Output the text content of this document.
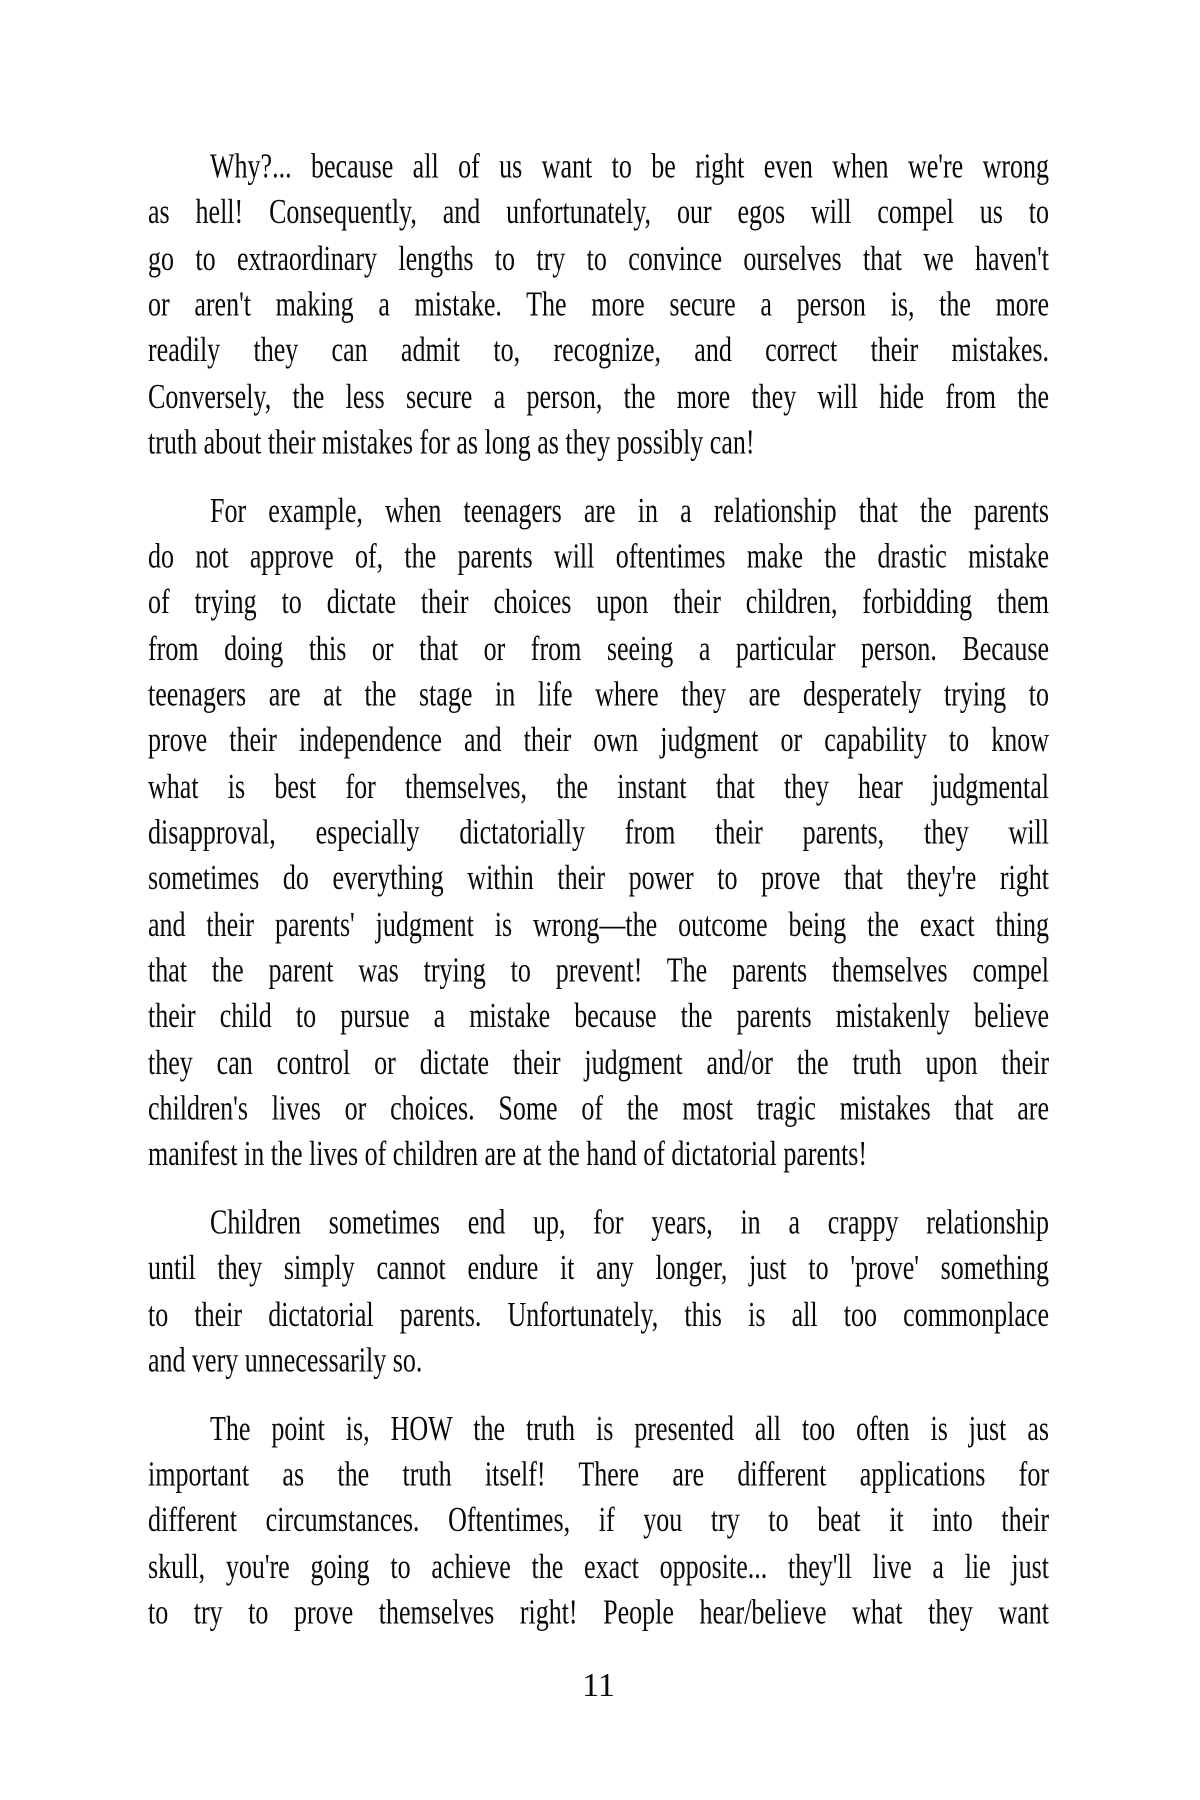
Why?... because all of us want to be right even when we're wrong
as hell! Consequently, and unfortunately, our egos will compel us to
go to extraordinary lengths to try to convince ourselves that we haven't
or aren't making a mistake. The more secure a person is, the more
readily they can admit to, recognize, and correct their mistakes.
Conversely, the less secure a person, the more they will hide from the
truth about their mistakes for as long as they possibly can!
For example, when teenagers are in a relationship that the parents
do not approve of, the parents will oftentimes make the drastic mistake
of trying to dictate their choices upon their children, forbidding them
from doing this or that or from seeing a particular person. Because
teenagers are at the stage in life where they are desperately trying to
prove their independence and their own judgment or capability to know
what is best for themselves, the instant that they hear judgmental
disapproval, especially dictatorially from their parents, they will
sometimes do everything within their power to prove that they're right
and their parents' judgment is wrong—the outcome being the exact thing
that the parent was trying to prevent! The parents themselves compel
their child to pursue a mistake because the parents mistakenly believe
they can control or dictate their judgment and/or the truth upon their
children's lives or choices. Some of the most tragic mistakes that are
manifest in the lives of children are at the hand of dictatorial parents!
Children sometimes end up, for years, in a crappy relationship
until they simply cannot endure it any longer, just to 'prove' something
to their dictatorial parents. Unfortunately, this is all too commonplace
and very unnecessarily so.
The point is, HOW the truth is presented all too often is just as
important as the truth itself! There are different applications for
different circumstances. Oftentimes, if you try to beat it into their
skull, you're going to achieve the exact opposite... they'll live a lie just
to try to prove themselves right! People hear/believe what they want
11
